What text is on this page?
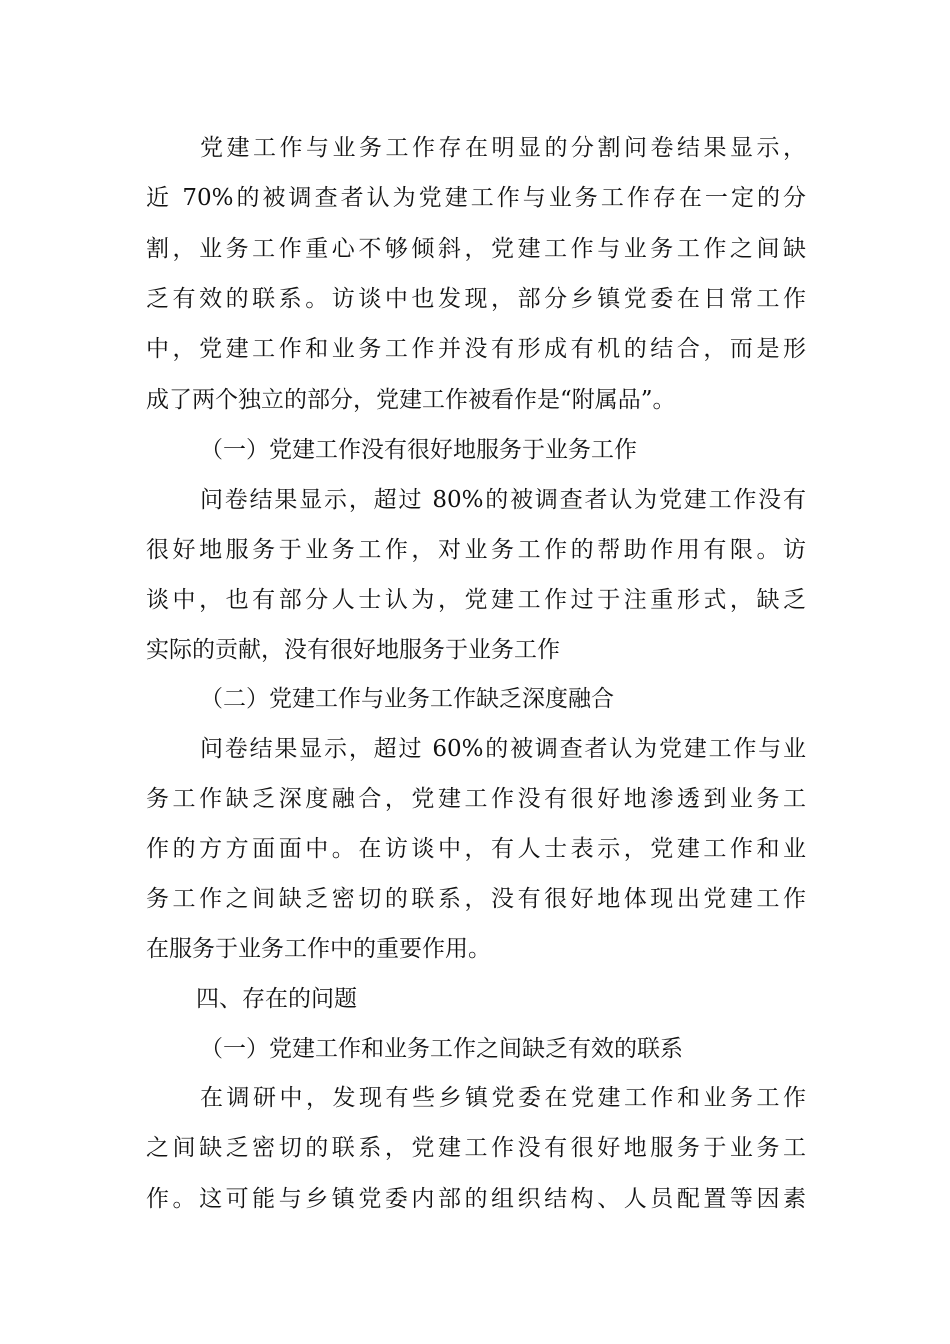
党建工作与业务工作存在明显的分割问卷结果显示，
近 70%的被调查者认为党建工作与业务工作存在一定的分
割，业务工作重心不够倾斜，党建工作与业务工作之间缺
乏有效的联系。访谈中也发现，部分乡镇党委在日常工作
中，党建工作和业务工作并没有形成有机的结合，而是形
成了两个独立的部分，党建工作被看作是“附属品”。
（一）党建工作没有很好地服务于业务工作
问卷结果显示，超过 80%的被调查者认为党建工作没有
很好地服务于业务工作，对业务工作的帮助作用有限。访
谈中，也有部分人士认为，党建工作过于注重形式，缺乏
实际的贡献，没有很好地服务于业务工作
（二）党建工作与业务工作缺乏深度融合
问卷结果显示，超过 60%的被调查者认为党建工作与业
务工作缺乏深度融合，党建工作没有很好地渗透到业务工
作的方方面面中。在访谈中，有人士表示，党建工作和业
务工作之间缺乏密切的联系，没有很好地体现出党建工作
在服务于业务工作中的重要作用。
四、存在的问题
（一）党建工作和业务工作之间缺乏有效的联系
在调研中，发现有些乡镇党委在党建工作和业务工作
之间缺乏密切的联系，党建工作没有很好地服务于业务工
作。这可能与乡镇党委内部的组织结构、人员配置等因素
